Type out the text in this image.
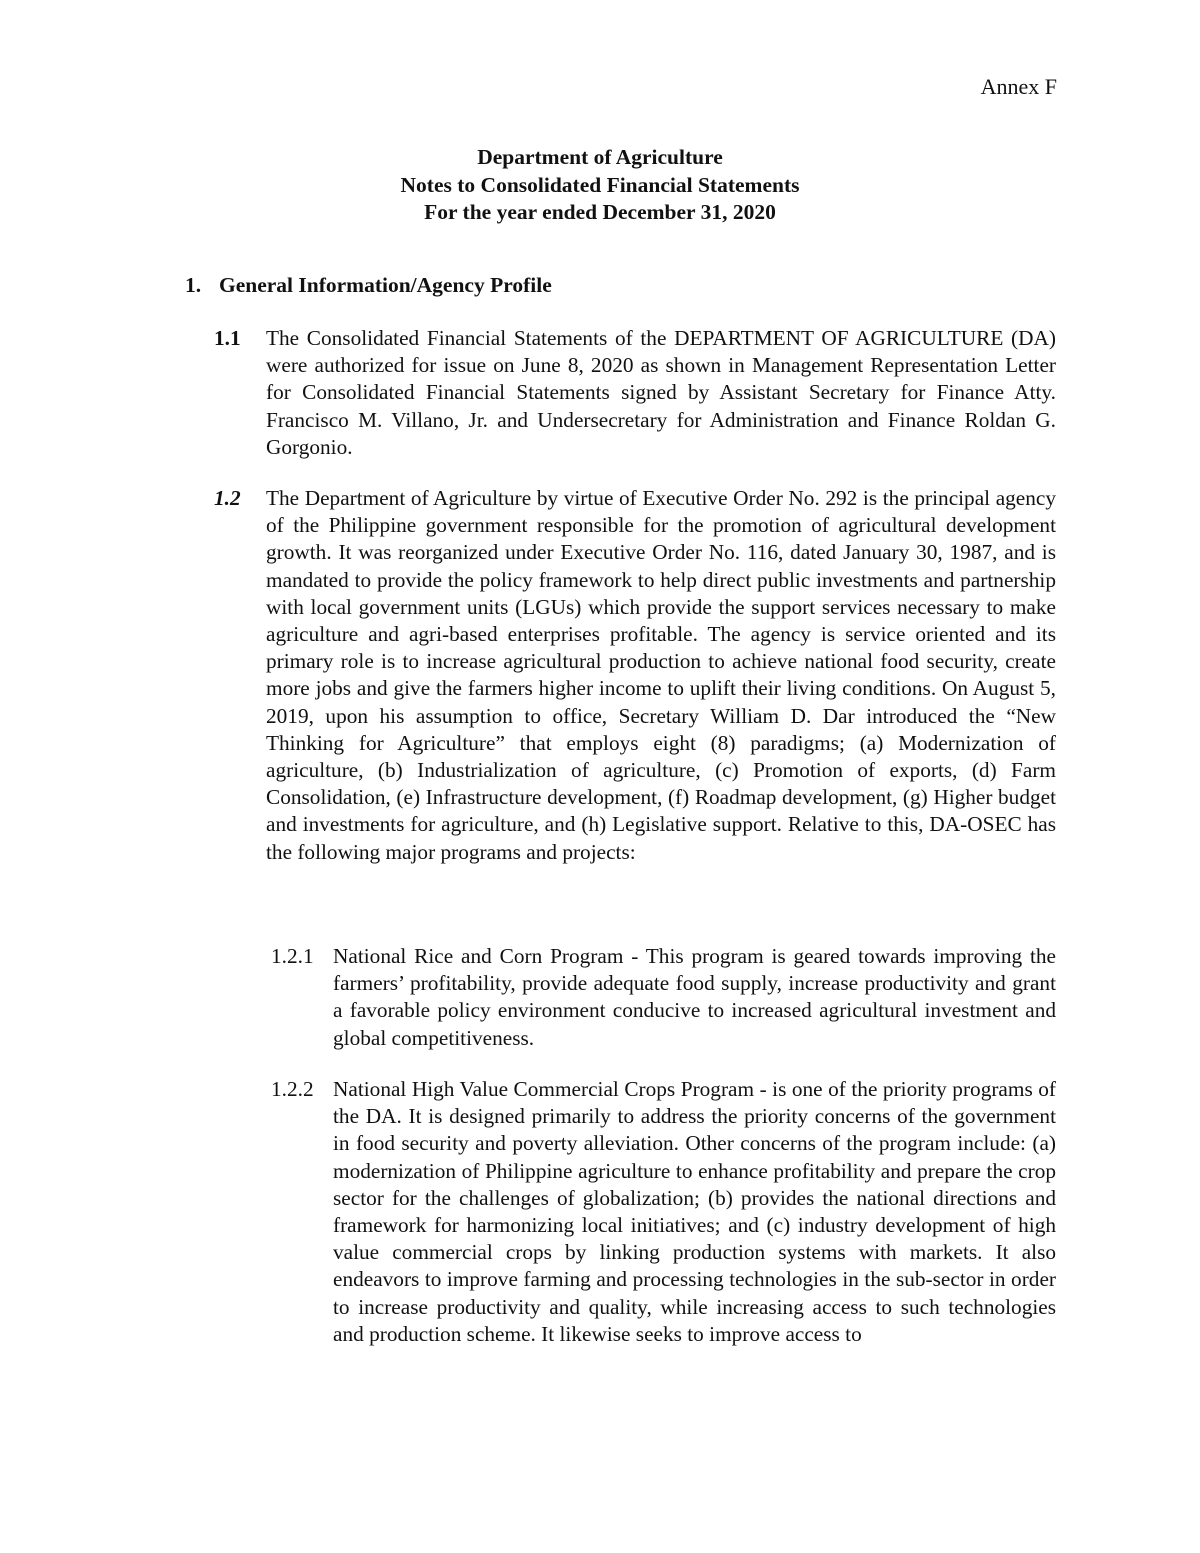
Annex F
Department of Agriculture
Notes to Consolidated Financial Statements
For the year ended December 31, 2020
1. General Information/Agency Profile
1.1 The Consolidated Financial Statements of the DEPARTMENT OF AGRICULTURE (DA) were authorized for issue on June 8, 2020 as shown in Management Representation Letter for Consolidated Financial Statements signed by Assistant Secretary for Finance Atty. Francisco M. Villano, Jr. and Undersecretary for Administration and Finance Roldan G. Gorgonio.
1.2 The Department of Agriculture by virtue of Executive Order No. 292 is the principal agency of the Philippine government responsible for the promotion of agricultural development growth. It was reorganized under Executive Order No. 116, dated January 30, 1987, and is mandated to provide the policy framework to help direct public investments and partnership with local government units (LGUs) which provide the support services necessary to make agriculture and agri-based enterprises profitable. The agency is service oriented and its primary role is to increase agricultural production to achieve national food security, create more jobs and give the farmers higher income to uplift their living conditions. On August 5, 2019, upon his assumption to office, Secretary William D. Dar introduced the “New Thinking for Agriculture” that employs eight (8) paradigms; (a) Modernization of agriculture, (b) Industrialization of agriculture, (c) Promotion of exports, (d) Farm Consolidation, (e) Infrastructure development, (f) Roadmap development, (g) Higher budget and investments for agriculture, and (h) Legislative support. Relative to this, DA-OSEC has the following major programs and projects:
1.2.1 National Rice and Corn Program - This program is geared towards improving the farmers’ profitability, provide adequate food supply, increase productivity and grant a favorable policy environment conducive to increased agricultural investment and global competitiveness.
1.2.2 National High Value Commercial Crops Program - is one of the priority programs of the DA. It is designed primarily to address the priority concerns of the government in food security and poverty alleviation. Other concerns of the program include: (a) modernization of Philippine agriculture to enhance profitability and prepare the crop sector for the challenges of globalization; (b) provides the national directions and framework for harmonizing local initiatives; and (c) industry development of high value commercial crops by linking production systems with markets. It also endeavors to improve farming and processing technologies in the sub-sector in order to increase productivity and quality, while increasing access to such technologies and production scheme. It likewise seeks to improve access to
